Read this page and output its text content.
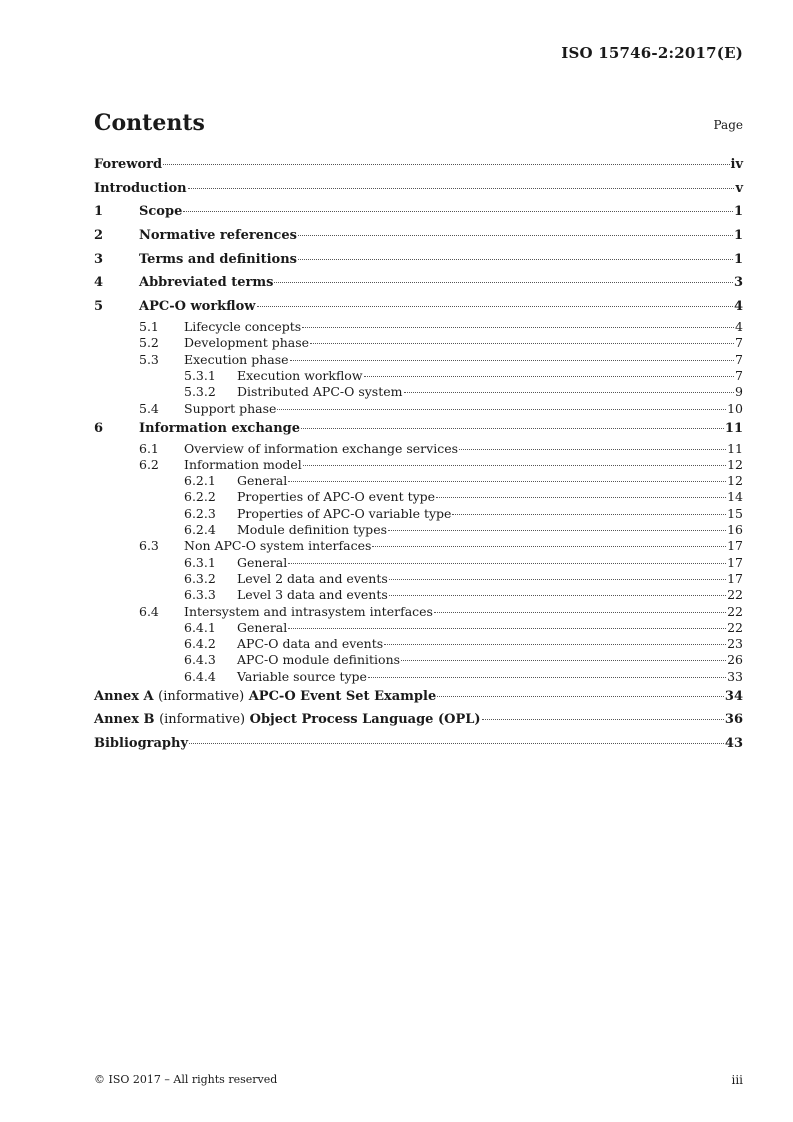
ISO 15746-2:2017(E)
Contents	Page
Foreword	iv
Introduction	v
1	Scope	1
2	Normative references	1
3	Terms and definitions	1
4	Abbreviated terms	3
5	APC-O workflow	4
5.1	Lifecycle concepts	4
5.2	Development phase	7
5.3	Execution phase	7
5.3.1	Execution workflow	7
5.3.2	Distributed APC-O system	9
5.4	Support phase	10
6	Information exchange	11
6.1	Overview of information exchange services	11
6.2	Information model	12
6.2.1	General	12
6.2.2	Properties of APC-O event type	14
6.2.3	Properties of APC-O variable type	15
6.2.4	Module definition types	16
6.3	Non APC-O system interfaces	17
6.3.1	General	17
6.3.2	Level 2 data and events	17
6.3.3	Level 3 data and events	22
6.4	Intersystem and intrasystem interfaces	22
6.4.1	General	22
6.4.2	APC-O data and events	23
6.4.3	APC-O module definitions	26
6.4.4	Variable source type	33
Annex A (informative) APC-O Event Set Example	34
Annex B (informative) Object Process Language (OPL)	36
Bibliography	43
© ISO 2017 – All rights reserved	iii
